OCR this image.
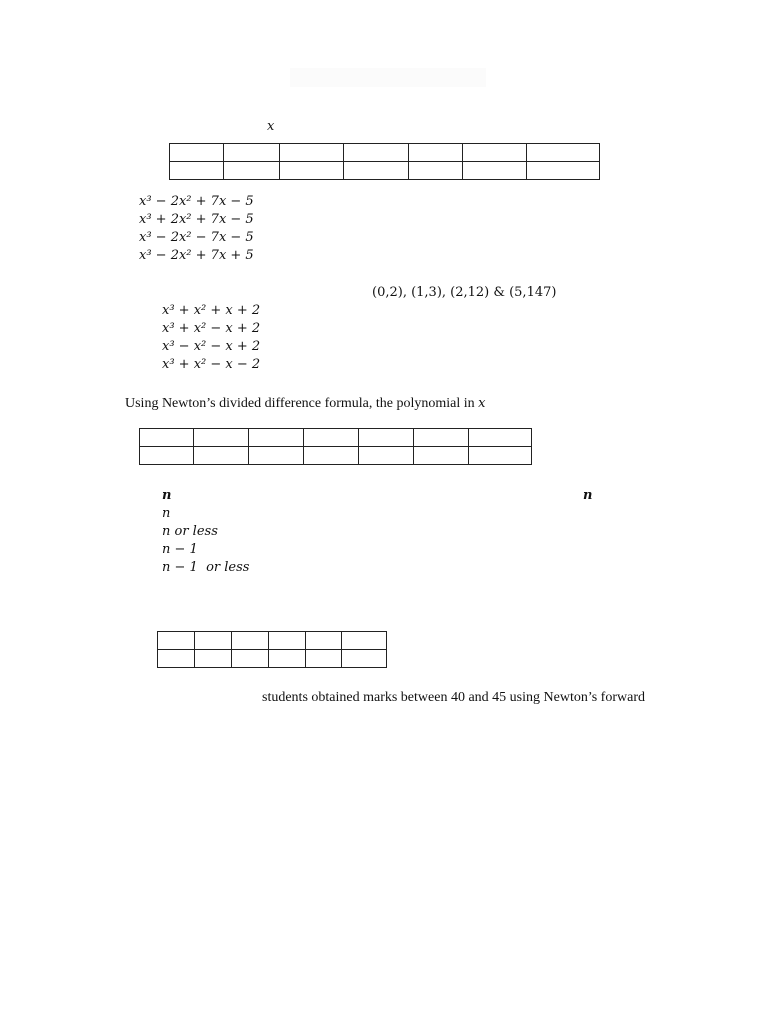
x

x³ − 2x² + 7x − 5
x³ + 2x² + 7x − 5
x³ − 2x² − 7x − 5
x³ − 2x² + 7x + 5
(0,2), (1,3), (2,12) & (5,147)
x³ + x² + x + 2
x³ + x² − x + 2
x³ − x² − x + 2
x³ + x² − x − 2
Using Newton’s divided difference formula, the polynomial in x

n	n
n
n or less
n − 1
n − 1  or less

students obtained marks between 40 and 45 using Newton’s forward
